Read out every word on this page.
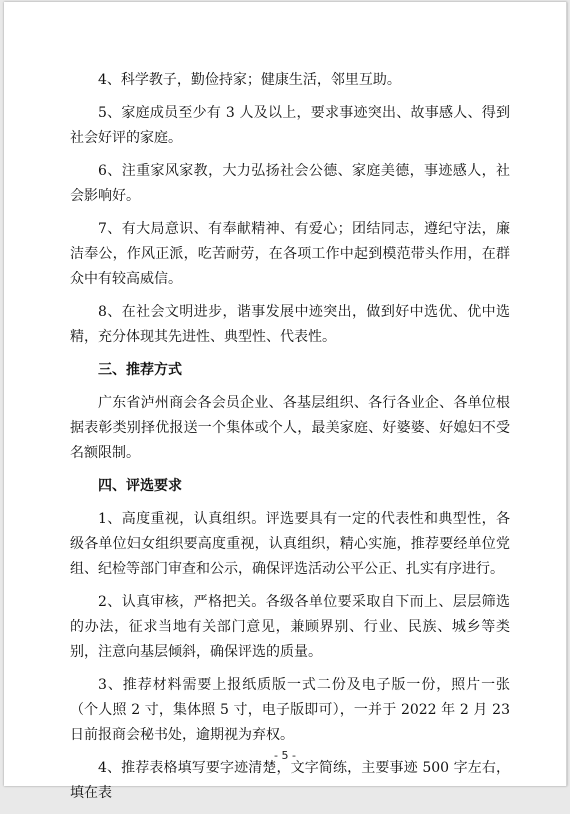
4、科学教子，勤俭持家；健康生活，邻里互助。

5、家庭成员至少有 3 人及以上，要求事迹突出、故事感人、得到社会好评的家庭。

6、注重家风家教，大力弘扬社会公德、家庭美德，事迹感人，社会影响好。

7、有大局意识、有奉献精神、有爱心；团结同志，遵纪守法，廉洁奉公，作风正派，吃苦耐劳，在各项工作中起到模范带头作用，在群众中有较高威信。

8、在社会文明进步，谐事发展中迹突出，做到好中选优、优中选精，充分体现其先进性、典型性、代表性。

三、推荐方式

广东省泸州商会各会员企业、各基层组织、各行各业企、各单位根据表彰类别择优报送一个集体或个人，最美家庭、好婆婆、好媳妇不受名额限制。

四、评选要求

1、高度重视，认真组织。评选要具有一定的代表性和典型性，各级各单位妇女组织要高度重视，认真组织，精心实施，推荐要经单位党组、纪检等部门审查和公示，确保评选活动公平公正、扎实有序进行。

2、认真审核，严格把关。各级各单位要采取自下而上、层层筛选的办法，征求当地有关部门意见，兼顾界别、行业、民族、城乡等类别，注意向基层倾斜，确保评选的质量。

3、推荐材料需要上报纸质版一式二份及电子版一份，照片一张（个人照 2 寸，集体照 5 寸，电子版即可），一并于 2022 年 2 月 23 日前报商会秘书处，逾期视为弃权。

4、推荐表格填写要字迹清楚，文字简练，主要事迹 500 字左右，填在表

- 5 -
